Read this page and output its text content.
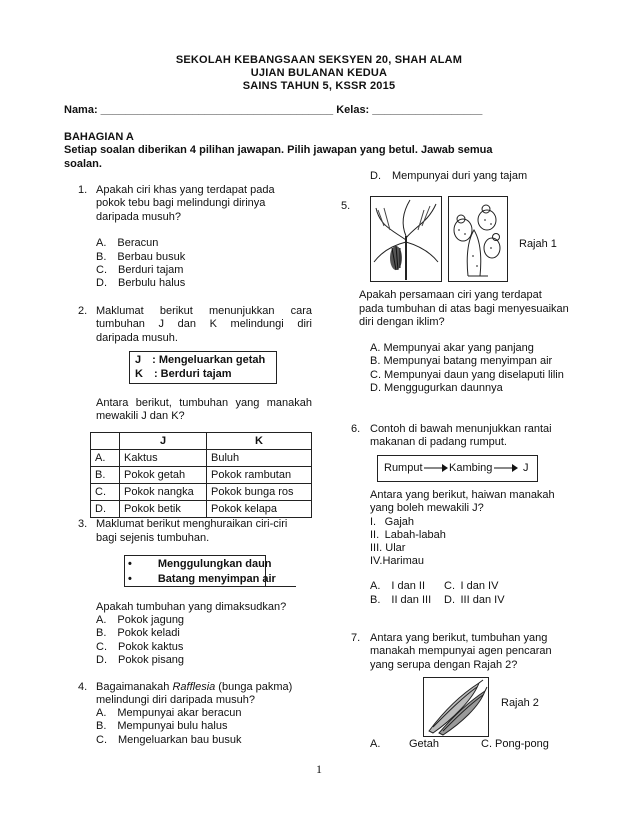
SEKOLAH KEBANGSAAN SEKSYEN 20, SHAH ALAM
UJIAN BULANAN KEDUA
SAINS TAHUN 5, KSSR 2015
Nama: ______________________________________ Kelas: __________________
BAHAGIAN A
Setiap soalan diberikan 4 pilihan jawapan. Pilih jawapan yang betul. Jawab semua
soalan.
1. Apakah ciri khas yang terdapat pada
pokok tebu bagi melindungi dirinya
daripada musuh?
A. Beracun
B. Berbau busuk
C. Berduri tajam
D. Berbulu halus
2. Maklumat berikut menunjukkan cara
tumbuhan J dan K melindungi diri
daripada musuh.
J : Mengeluarkan getah
K : Berduri tajam
Antara berikut, tumbuhan yang manakah
mewakili J dan K?
	J	K
A.	Kaktus	Buluh
B.	Pokok getah	Pokok rambutan
C.	Pokok nangka	Pokok bunga ros
D.	Pokok betik	Pokok kelapa
3. Maklumat berikut menghuraikan ciri-ciri
bagi sejenis tumbuhan.
• Menggulungkan daun
• Batang menyimpan air
Apakah tumbuhan yang dimaksudkan?
A. Pokok jagung
B. Pokok keladi
C. Pokok kaktus
D. Pokok pisang
4. Bagaimanakah Rafflesia (bunga pakma)
melindungi diri daripada musuh?
A. Mempunyai akar beracun
B. Mempunyai bulu halus
C. Mengeluarkan bau busuk
D. Mempunyai duri yang tajam
5.
Rajah 1
Apakah persamaan ciri yang terdapat
pada tumbuhan di atas bagi menyesuaikan
diri dengan iklim?
A. Mempunyai akar yang panjang
B. Mempunyai batang menyimpan air
C. Mempunyai daun yang diselaputi lilin
D. Menggugurkan daunnya
6. Contoh di bawah menunjukkan rantai
makanan di padang rumput.
Rumput Kambing	J
Antara yang berikut, haiwan manakah
yang boleh mewakili J?
I.  Gajah
II. Labah-labah
III. Ular
IV.Harimau
A. I dan II C. I dan IV
B. II dan III D. III dan IV
7. Antara yang berikut, tumbuhan yang
manakah mempunyai agen pencaran
yang serupa dengan Rajah 2?
Rajah 2
A.	Getah	C. Pong-pong
1
